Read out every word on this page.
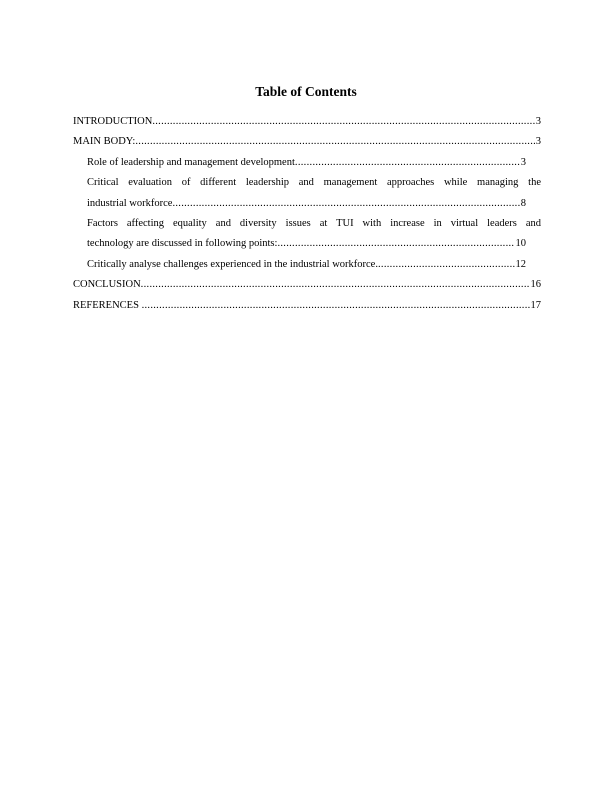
Table of Contents
INTRODUCTION .....	3
MAIN BODY: .....	3
Role of leadership and management development .....	3
Critical evaluation of different leadership and management approaches while managing the
industrial workforce .....	8
Factors affecting equality and diversity issues at TUI with increase in virtual leaders and
technology are discussed in following points: .....	10
Critically analyse challenges experienced in the industrial workforce. .....	12
CONCLUSION .....	16
REFERENCES .....	17
